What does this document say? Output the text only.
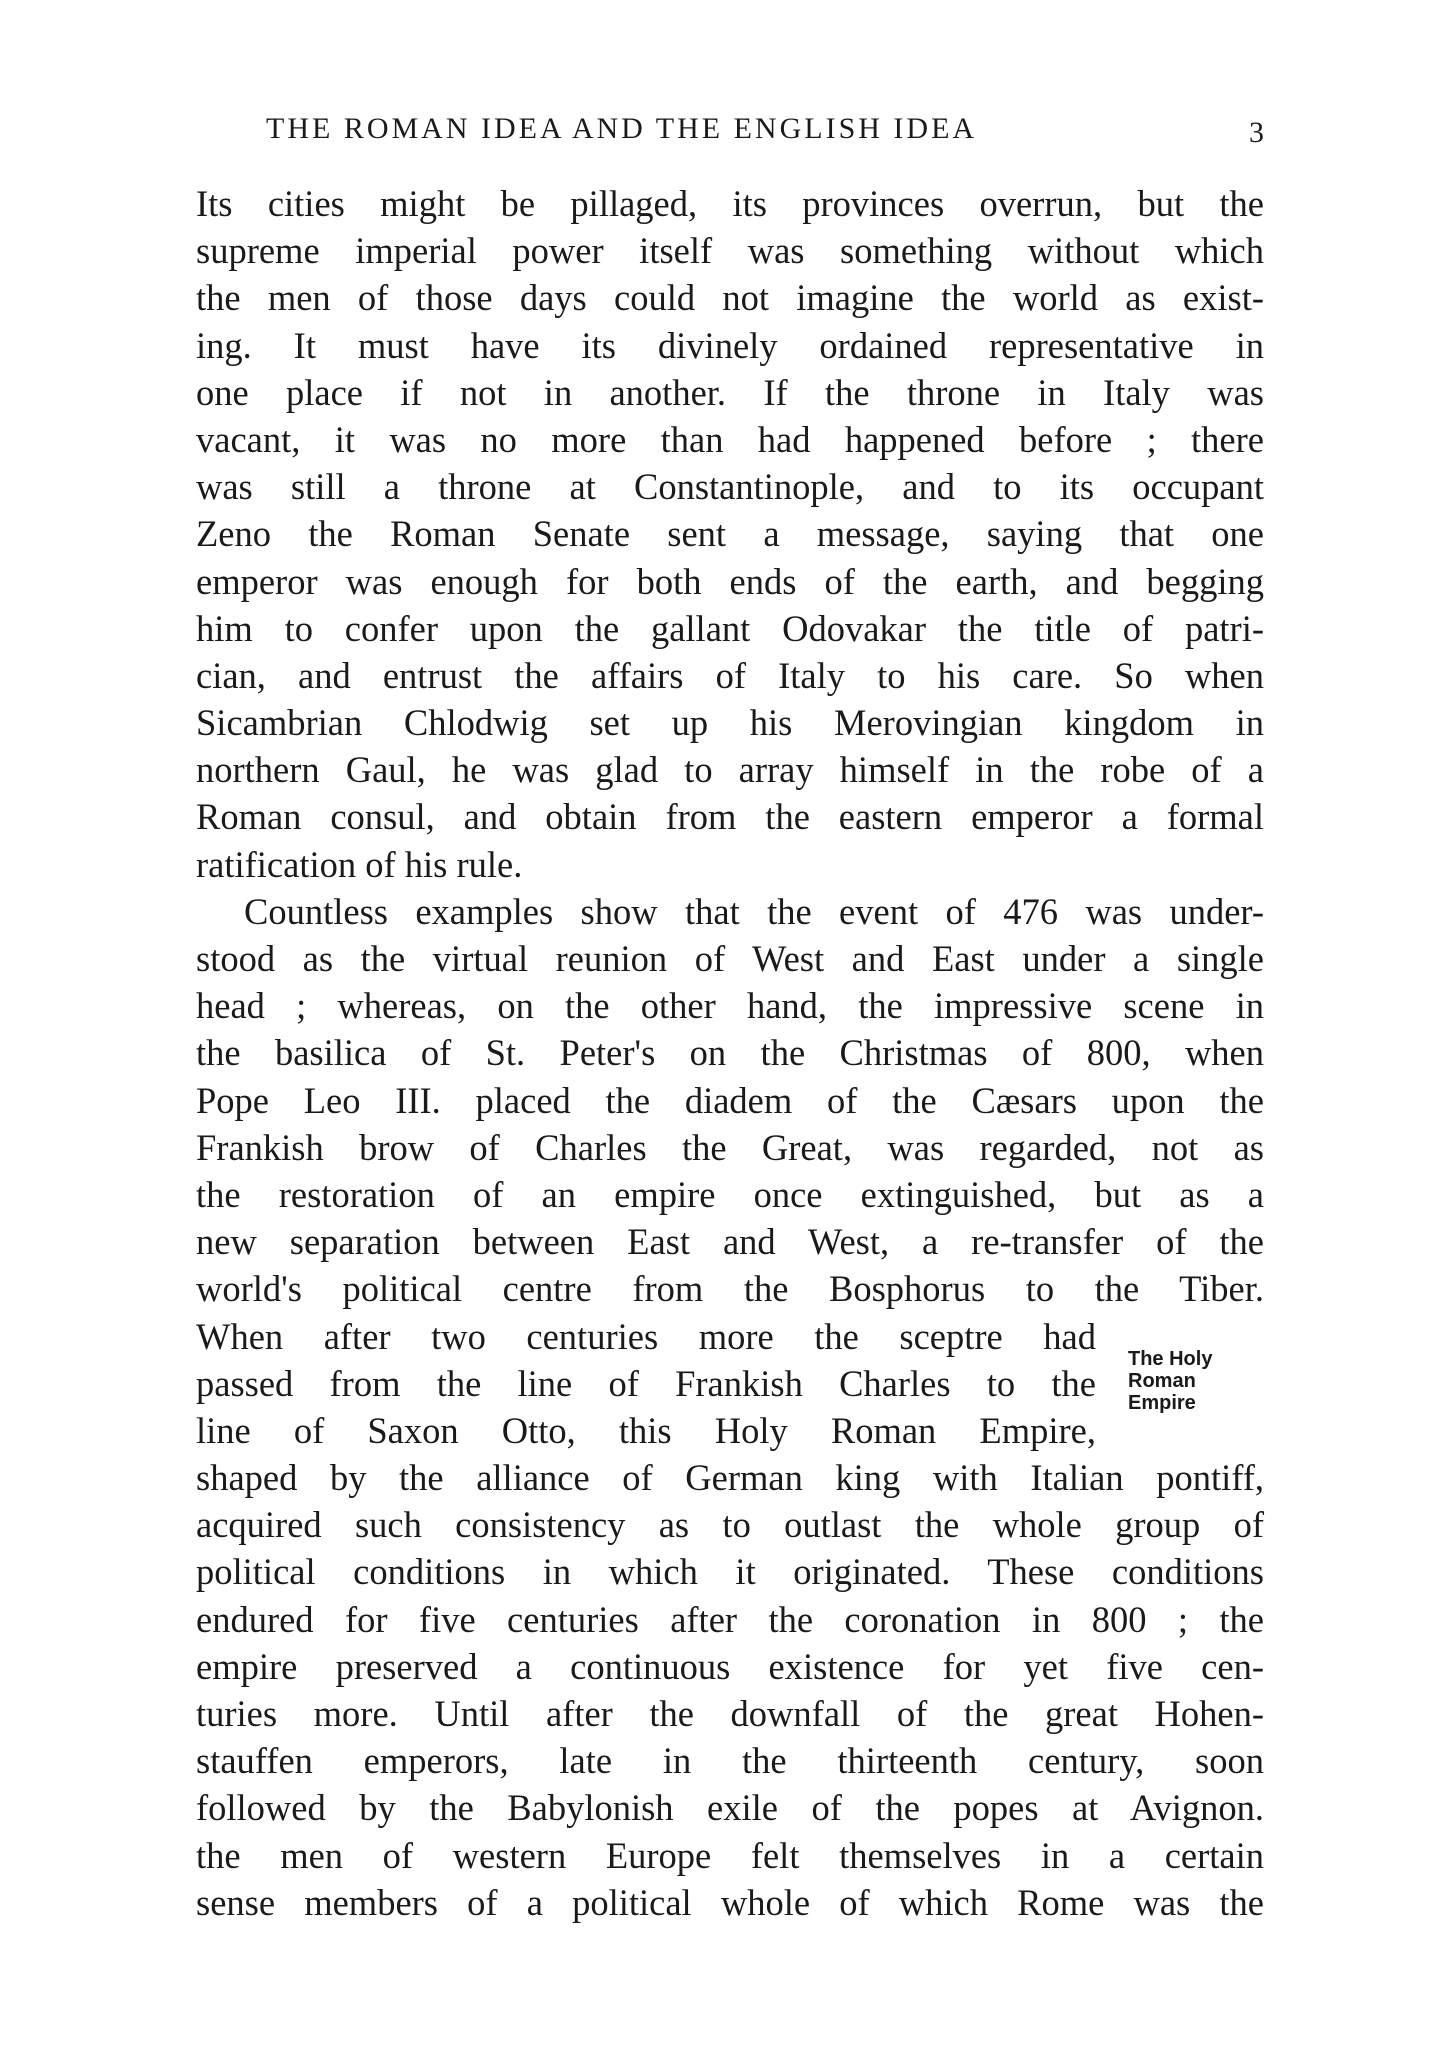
THE ROMAN IDEA AND THE ENGLISH IDEA	3
Its cities might be pillaged, its provinces overrun, but the
supreme imperial power itself was something without which
the men of those days could not imagine the world as exist-
ing. It must have its divinely ordained representative in
one place if not in another. If the throne in Italy was
vacant, it was no more than had happened before ; there
was still a throne at Constantinople, and to its occupant
Zeno the Roman Senate sent a message, saying that one
emperor was enough for both ends of the earth, and begging
him to confer upon the gallant Odovakar the title of patri-
cian, and entrust the affairs of Italy to his care. So when
Sicambrian Chlodwig set up his Merovingian kingdom in
northern Gaul, he was glad to array himself in the robe of a
Roman consul, and obtain from the eastern emperor a formal
ratification of his rule.
Countless examples show that the event of 476 was under-
stood as the virtual reunion of West and East under a single
head ; whereas, on the other hand, the impressive scene in
the basilica of St. Peter's on the Christmas of 800, when
Pope Leo III. placed the diadem of the Cæsars upon the
Frankish brow of Charles the Great, was regarded, not as
the restoration of an empire once extinguished, but as a
new separation between East and West, a re-transfer of the
world's political centre from the Bosphorus to the Tiber.
When after two centuries more the sceptre had
passed from the line of Frankish Charles to the
line of Saxon Otto, this Holy Roman Empire,
shaped by the alliance of German king with Italian pontiff,
acquired such consistency as to outlast the whole group of
political conditions in which it originated. These conditions
endured for five centuries after the coronation in 800 ; the
empire preserved a continuous existence for yet five cen-
turies more. Until after the downfall of the great Hohen-
stauffen emperors, late in the thirteenth century, soon
followed by the Babylonish exile of the popes at Avignon.
the men of western Europe felt themselves in a certain
sense members of a political whole of which Rome was the
The Holy
Roman
Empire
